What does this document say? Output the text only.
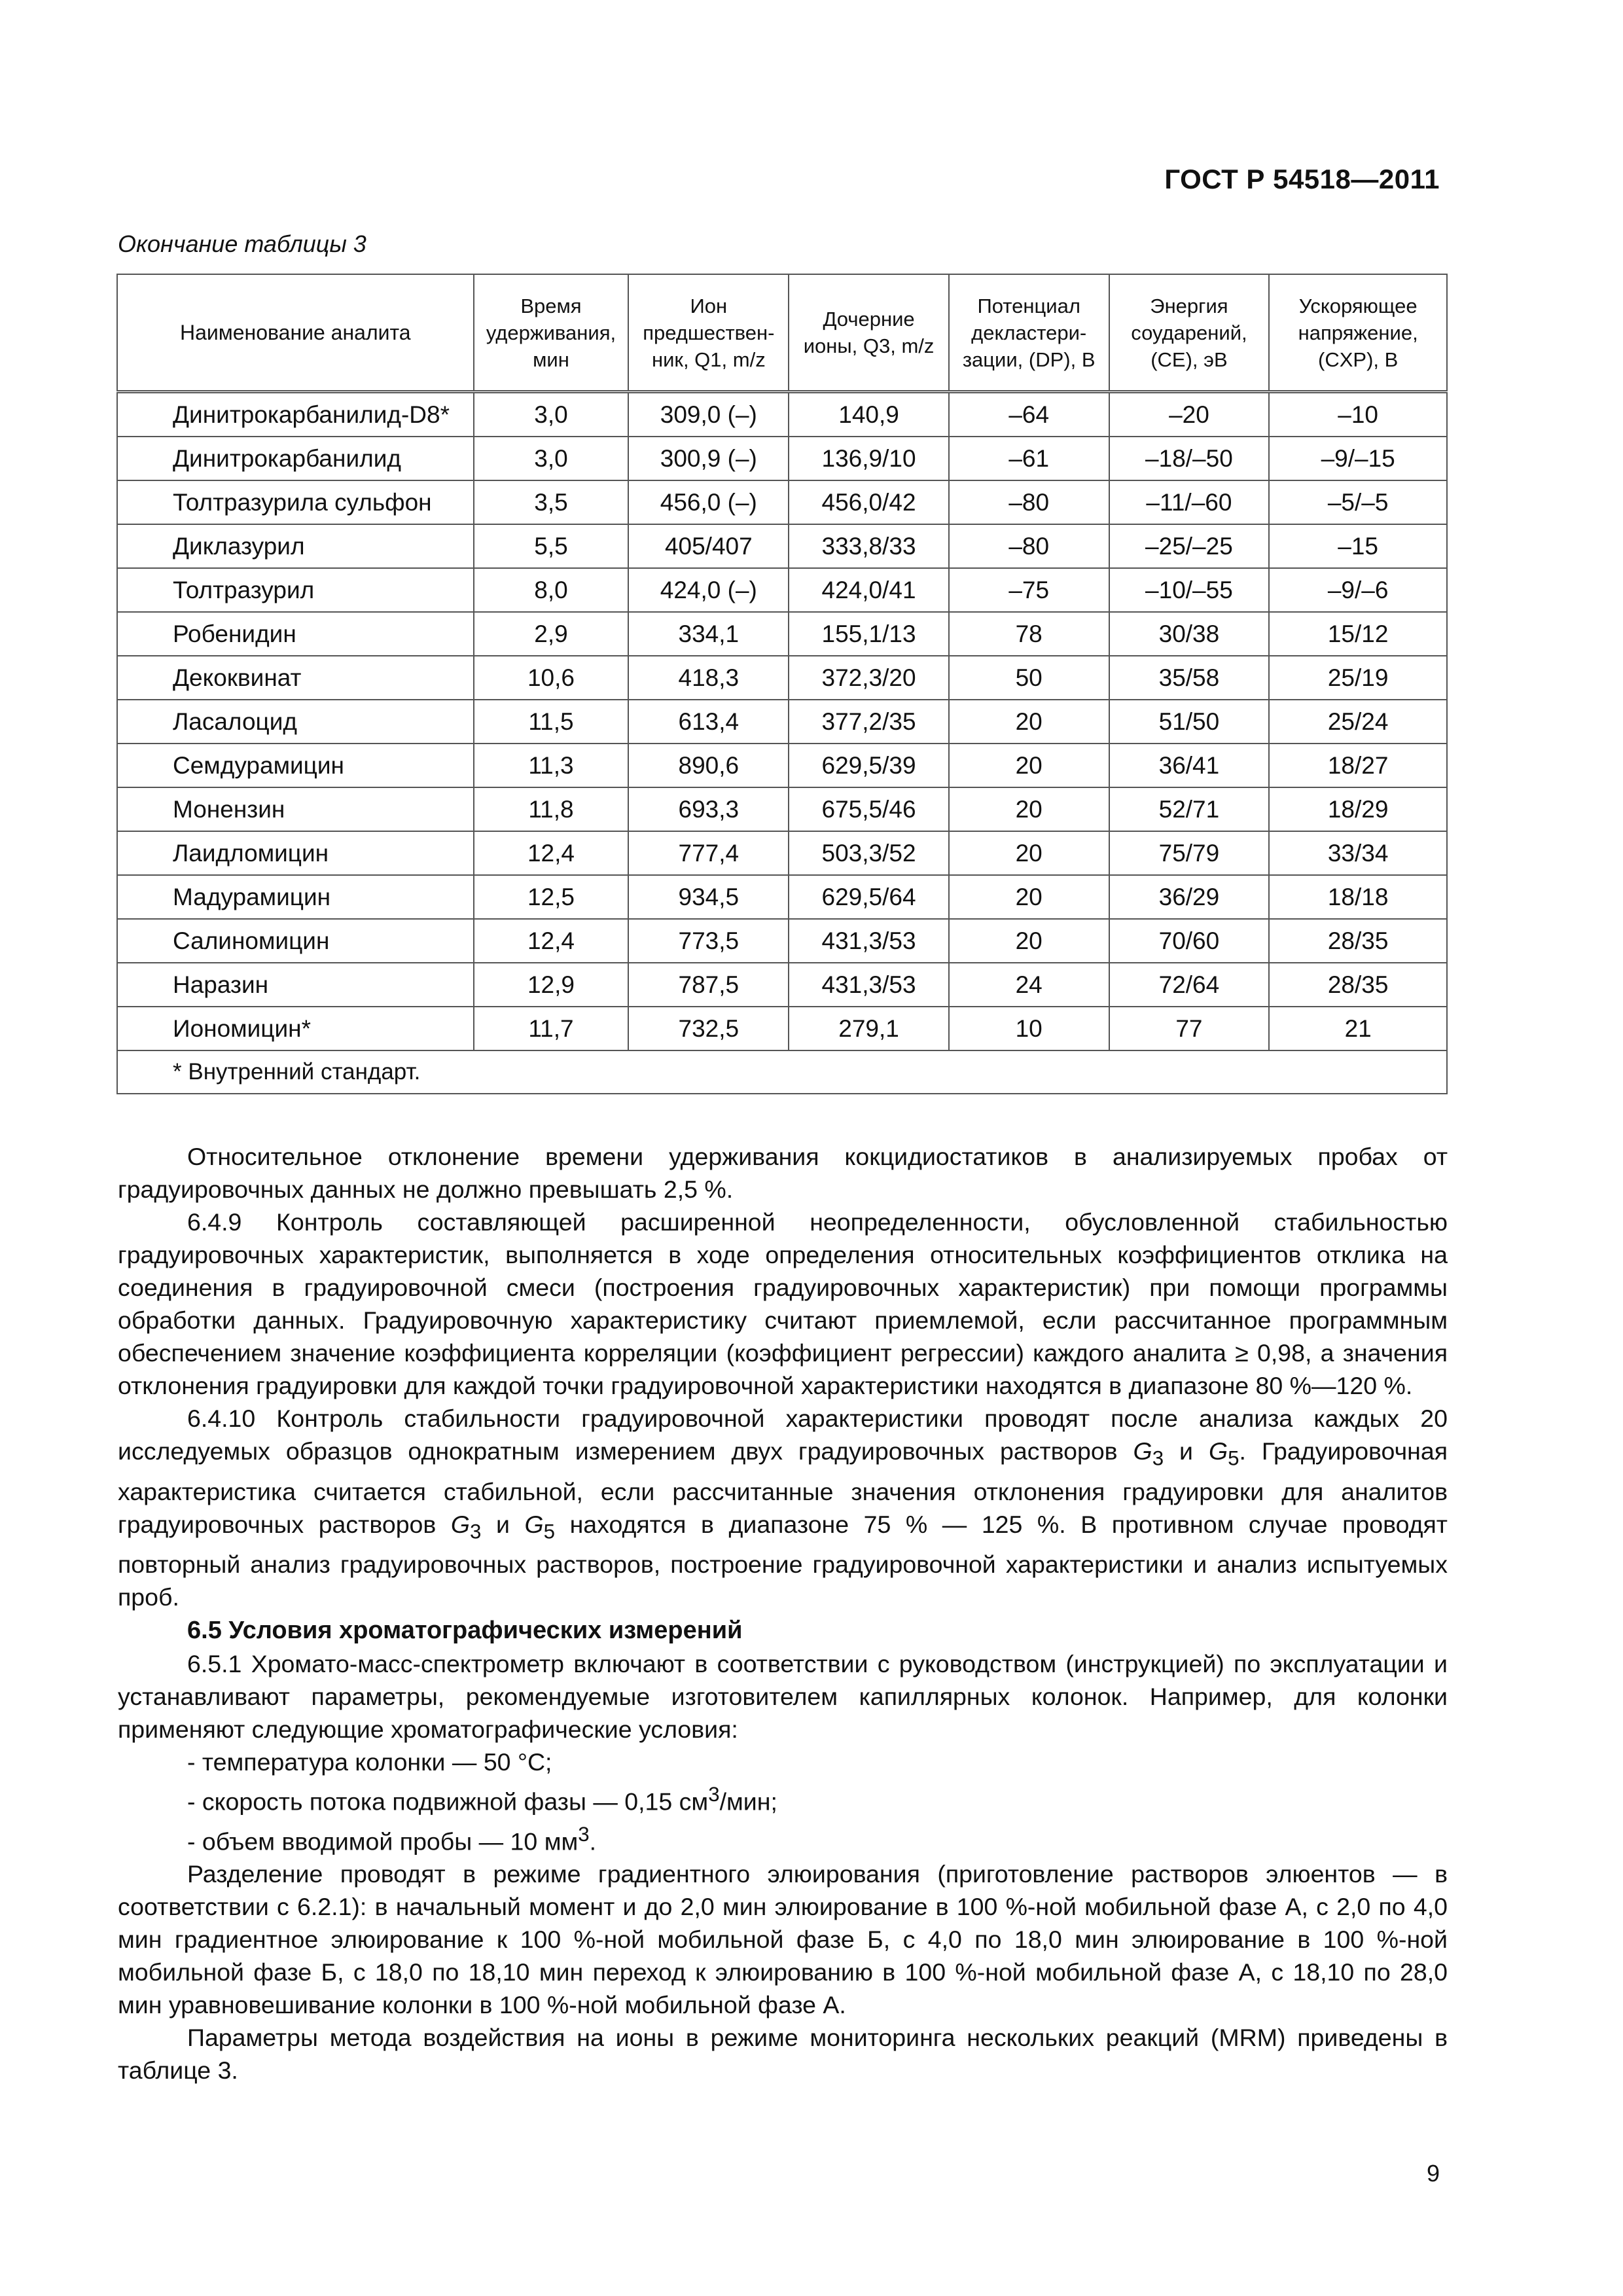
ГОСТ Р 54518—2011
Окончание таблицы 3
Наименование аналита	Время удерживания, мин	Ион предшествен-ник, Q1, m/z	Дочерние ионы, Q3, m/z	Потенциал декластери-зации, (DP), В	Энергия соударений, (CE), эВ	Ускоряющее напряжение, (CXP), В
Динитрокарбанилид-D8*	3,0	309,0 (–)	140,9	–64	–20	–10
Динитрокарбанилид	3,0	300,9 (–)	136,9/10	–61	–18/–50	–9/–15
Толтразурила сульфон	3,5	456,0 (–)	456,0/42	–80	–11/–60	–5/–5
Диклазурил	5,5	405/407	333,8/33	–80	–25/–25	–15
Толтразурил	8,0	424,0 (–)	424,0/41	–75	–10/–55	–9/–6
Робенидин	2,9	334,1	155,1/13	78	30/38	15/12
Декоквинат	10,6	418,3	372,3/20	50	35/58	25/19
Ласалоцид	11,5	613,4	377,2/35	20	51/50	25/24
Семдурамицин	11,3	890,6	629,5/39	20	36/41	18/27
Монензин	11,8	693,3	675,5/46	20	52/71	18/29
Лаидломицин	12,4	777,4	503,3/52	20	75/79	33/34
Мадурамицин	12,5	934,5	629,5/64	20	36/29	18/18
Салиномицин	12,4	773,5	431,3/53	20	70/60	28/35
Наразин	12,9	787,5	431,3/53	24	72/64	28/35
Иономицин*	11,7	732,5	279,1	10	77	21
* Внутренний стандарт.						

Относительное отклонение времени удерживания кокцидиостатиков в анализируемых пробах от градуировочных данных не должно превышать 2,5 %.

6.4.9 Контроль составляющей расширенной неопределенности, обусловленной стабильностью градуировочных характеристик, выполняется в ходе определения относительных коэффициентов отклика на соединения в градуировочной смеси (построения градуировочных характеристик) при помощи программы обработки данных. Градуировочную характеристику считают приемлемой, если рассчитанное программным обеспечением значение коэффициента корреляции (коэффициент регрессии) каждого аналита ≥ 0,98, а значения отклонения градуировки для каждой точки градуировочной характеристики находятся в диапазоне 80 %—120 %.

6.4.10 Контроль стабильности градуировочной характеристики проводят после анализа каждых 20 исследуемых образцов однократным измерением двух градуировочных растворов $G_3$ и $G_5$. Градуировочная характеристика считается стабильной, если рассчитанные значения отклонения градуировки для аналитов градуировочных растворов $G_3$ и $G_5$ находятся в диапазоне 75 % — 125 %. В противном случае проводят повторный анализ градуировочных растворов, построение градуировочной характеристики и анализ испытуемых проб.

6.5 Условия хроматографических измерений

6.5.1 Хромато-масс-спектрометр включают в соответствии с руководством (инструкцией) по эксплуатации и устанавливают параметры, рекомендуемые изготовителем капиллярных колонок. Например, для колонки применяют следующие хроматографические условия:

- температура колонки — 50 °С;
- скорость потока подвижной фазы — 0,15 $см^3$/мин;
- объем вводимой пробы — 10 $мм^3$.

Разделение проводят в режиме градиентного элюирования (приготовление растворов элюентов — в соответствии с 6.2.1): в начальный момент и до 2,0 мин элюирование в 100 %-ной мобильной фазе А, с 2,0 по 4,0 мин градиентное элюирование к 100 %-ной мобильной фазе Б, с 4,0 по 18,0 мин элюирование в 100 %-ной мобильной фазе Б, с 18,0 по 18,10 мин переход к элюированию в 100 %-ной мобильной фазе А, с 18,10 по 28,0 мин уравновешивание колонки в 100 %-ной мобильной фазе А.

Параметры метода воздействия на ионы в режиме мониторинга нескольких реакций (MRM) приведены в таблице 3.

9
